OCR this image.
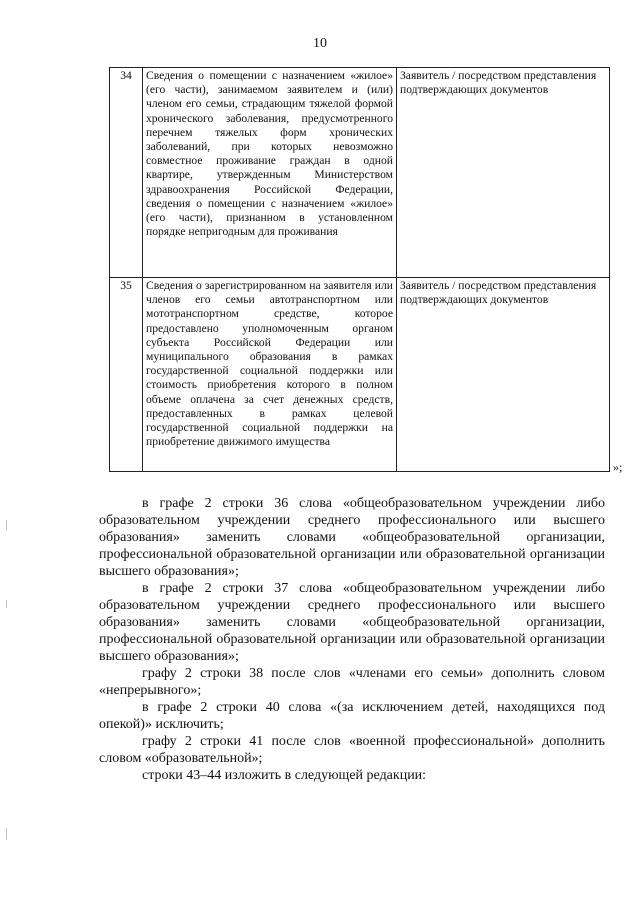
10
34	Сведения о помещении с назначением «жилое» (его части), занимаемом заявителем и (или) членом его семьи, страдающим тяжелой формой хронического заболевания, предусмотренного перечнем тяжелых форм хронических заболеваний, при которых невозможно совместное проживание граждан в одной квартире, утвержденным Министерством здравоохранения Российской Федерации, сведения о помещении с назначением «жилое» (его части), признанном в установленном порядке непригодным для проживания	Заявитель / посредством представления подтверждающих документов
35	Сведения о зарегистрированном на заявителя или членов его семьи автотранспортном или мототранспортном средстве, которое предоставлено уполномоченным органом субъекта Российской Федерации или муниципального образования в рамках государственной социальной поддержки или стоимость приобретения которого в полном объеме оплачена за счет денежных средств, предоставленных в рамках целевой государственной социальной поддержки на приобретение движимого имущества	Заявитель / посредством представления подтверждающих документов
»;

в графе 2 строки 36 слова «общеобразовательном учреждении либо образовательном учреждении среднего профессионального или высшего образования» заменить словами «общеобразовательной организации, профессиональной образовательной организации или образовательной организации высшего образования»;

в графе 2 строки 37 слова «общеобразовательном учреждении либо образовательном учреждении среднего профессионального или высшего образования» заменить словами «общеобразовательной организации, профессиональной образовательной организации или образовательной организации высшего образования»;

графу 2 строки 38 после слов «членами его семьи» дополнить словом «непрерывного»;

в графе 2 строки 40 слова «(за исключением детей, находящихся под опекой)» исключить;

графу 2 строки 41 после слов «военной профессиональной» дополнить словом «образовательной»;

строки 43–44 изложить в следующей редакции:
